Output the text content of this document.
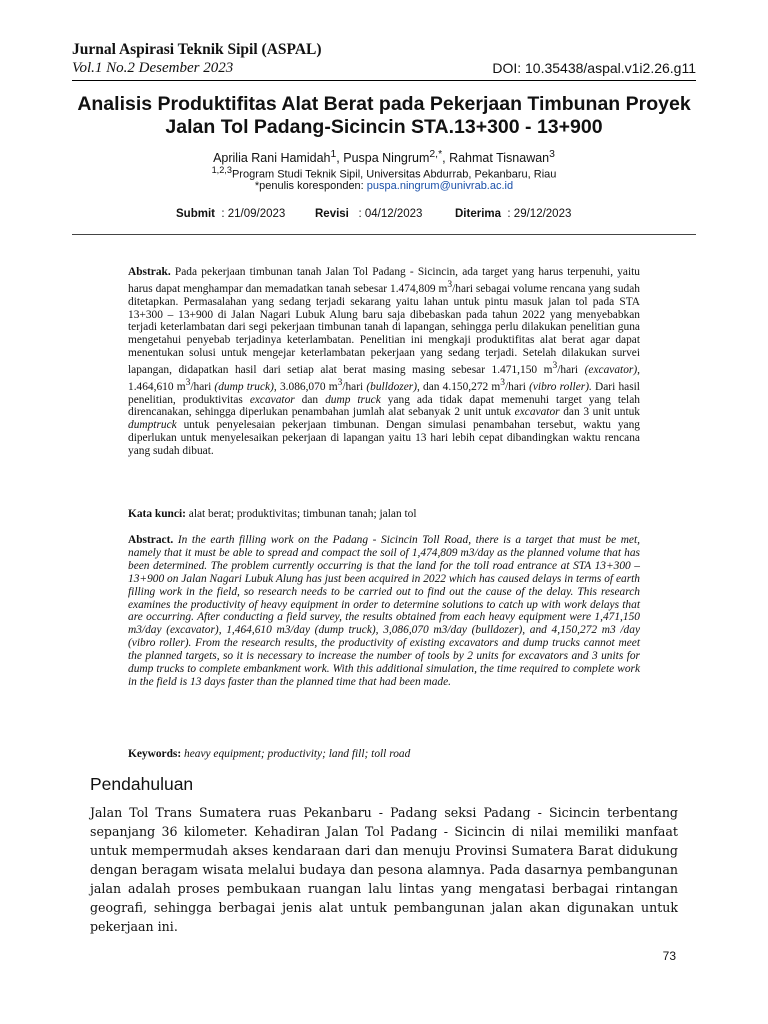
Jurnal Aspirasi Teknik Sipil (ASPAL)
Vol.1 No.2 Desember 2023	DOI: 10.35438/aspal.v1i2.26.g11
Analisis Produktifitas Alat Berat pada Pekerjaan Timbunan Proyek Jalan Tol Padang-Sicincin STA.13+300 - 13+900
Aprilia Rani Hamidah$^1$, Puspa Ningrum$^{2,*}$, Rahmat Tisnawan$^3$
$^{1,2,3}$Program Studi Teknik Sipil, Universitas Abdurrab, Pekanbaru, Riau
*penulis koresponden: puspa.ningrum@univrab.ac.id
Submit : 21/09/2023	Revisi : 04/12/2023	Diterima : 29/12/2023

Abstrak. Pada pekerjaan timbunan tanah Jalan Tol Padang - Sicincin, ada target yang harus terpenuhi, yaitu harus dapat menghampar dan memadatkan tanah sebesar 1.474,809 $m^3$/hari sebagai volume rencana yang sudah ditetapkan. Permasalahan yang sedang terjadi sekarang yaitu lahan untuk pintu masuk jalan tol pada STA 13+300 – 13+900 di Jalan Nagari Lubuk Alung baru saja dibebaskan pada tahun 2022 yang menyebabkan terjadi keterlambatan dari segi pekerjaan timbunan tanah di lapangan, sehingga perlu dilakukan penelitian guna mengetahui penyebab terjadinya keterlambatan. Penelitian ini mengkaji produktifitas alat berat agar dapat menentukan solusi untuk mengejar keterlambatan pekerjaan yang sedang terjadi. Setelah dilakukan survei lapangan, didapatkan hasil dari setiap alat berat masing masing sebesar 1.471,150 $m^3$/hari (excavator), 1.464,610 $m^3$/hari (dump truck), 3.086,070 $m^3$/hari (bulldozer), dan 4.150,272 $m^3$/hari (vibro roller). Dari hasil penelitian, produktivitas excavator dan dump truck yang ada tidak dapat memenuhi target yang telah direncanakan, sehingga diperlukan penambahan jumlah alat sebanyak 2 unit untuk excavator dan 3 unit untuk dumptruck untuk penyelesaian pekerjaan timbunan. Dengan simulasi penambahan tersebut, waktu yang diperlukan untuk menyelesaikan pekerjaan di lapangan yaitu 13 hari lebih cepat dibandingkan waktu rencana yang sudah dibuat.

Kata kunci: alat berat; produktivitas; timbunan tanah; jalan tol

Abstract. In the earth filling work on the Padang - Sicincin Toll Road, there is a target that must be met, namely that it must be able to spread and compact the soil of 1,474,809 m3/day as the planned volume that has been determined. The problem currently occurring is that the land for the toll road entrance at STA 13+300 – 13+900 on Jalan Nagari Lubuk Alung has just been acquired in 2022 which has caused delays in terms of earth filling work in the field, so research needs to be carried out to find out the cause of the delay. This research examines the productivity of heavy equipment in order to determine solutions to catch up with work delays that are occurring. After conducting a field survey, the results obtained from each heavy equipment were 1,471,150 m3/day (excavator), 1,464,610 m3/day (dump truck), 3,086,070 m3/day (bulldozer), and 4,150,272 m3 /day (vibro roller). From the research results, the productivity of existing excavators and dump trucks cannot meet the planned targets, so it is necessary to increase the number of tools by 2 units for excavators and 3 units for dump trucks to complete embankment work. With this additional simulation, the time required to complete work in the field is 13 days faster than the planned time that had been made.

Keywords: heavy equipment; productivity; land fill; toll road

Pendahuluan

Jalan Tol Trans Sumatera ruas Pekanbaru - Padang seksi Padang - Sicincin terbentang sepanjang 36 kilometer. Kehadiran Jalan Tol Padang - Sicincin di nilai memiliki manfaat untuk mempermudah akses kendaraan dari dan menuju Provinsi Sumatera Barat didukung dengan beragam wisata melalui budaya dan pesona alamnya. Pada dasarnya pembangunan jalan adalah proses pembukaan ruangan lalu lintas yang mengatasi berbagai rintangan geografi, sehingga berbagai jenis alat untuk pembangunan jalan akan digunakan untuk pekerjaan ini.

73
